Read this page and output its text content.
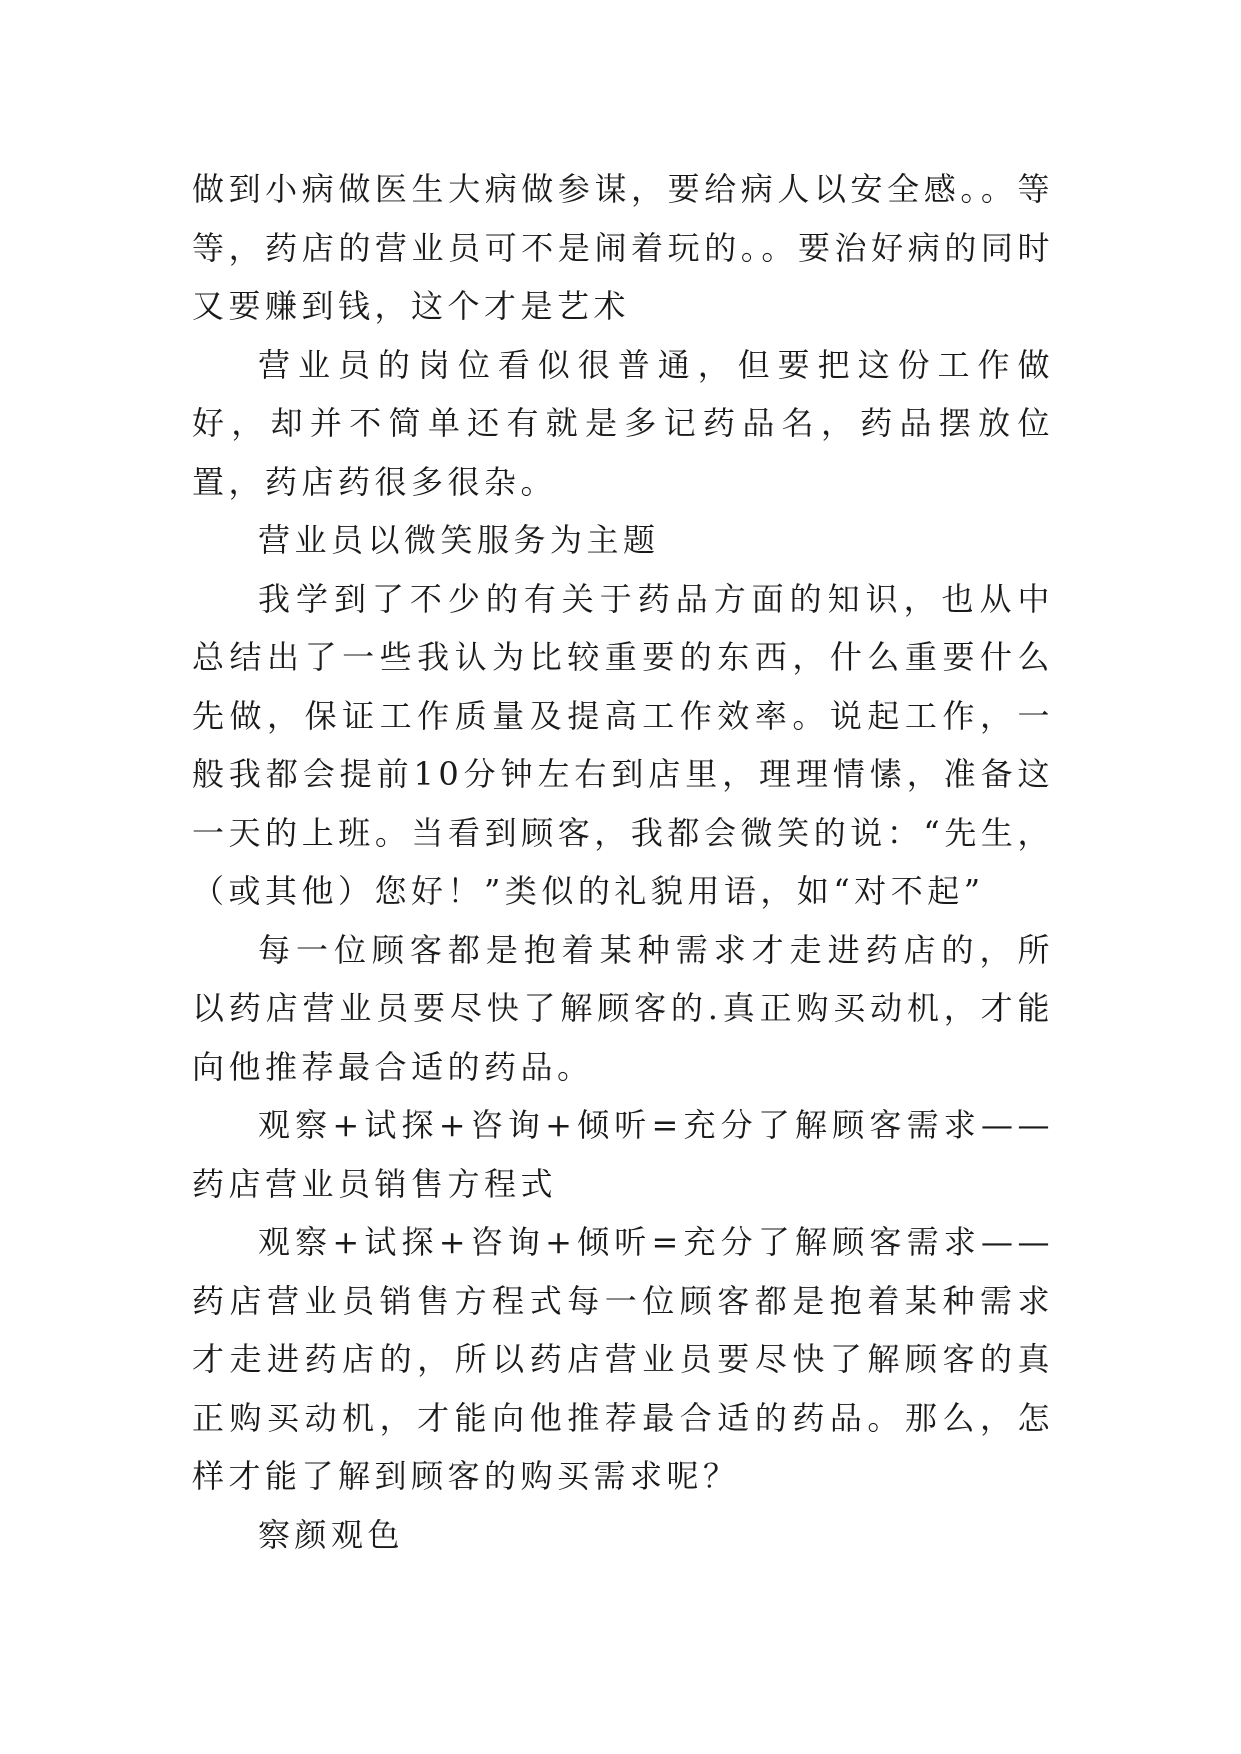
做到小病做医生大病做参谋，要给病人以安全感。。等等，药店的营业员可不是闹着玩的。。要治好病的同时又要赚到钱，这个才是艺术

营业员的岗位看似很普通，但要把这份工作做好，却并不简单还有就是多记药品名，药品摆放位置，药店药很多很杂。

营业员以微笑服务为主题

我学到了不少的有关于药品方面的知识，也从中总结出了一些我认为比较重要的东西，什么重要什么先做，保证工作质量及提高工作效率。说起工作，一般我都会提前10分钟左右到店里，理理情愫，准备这一天的上班。当看到顾客，我都会微笑的说：“先生，（或其他）您好！”类似的礼貌用语，如“对不起”

每一位顾客都是抱着某种需求才走进药店的，所以药店营业员要尽快了解顾客的.真正购买动机，才能向他推荐最合适的药品。

观察+试探+咨询+倾听=充分了解顾客需求——药店营业员销售方程式

观察+试探+咨询+倾听=充分了解顾客需求——药店营业员销售方程式每一位顾客都是抱着某种需求才走进药店的，所以药店营业员要尽快了解顾客的真正购买动机，才能向他推荐最合适的药品。那么，怎样才能了解到顾客的购买需求呢？

察颜观色
